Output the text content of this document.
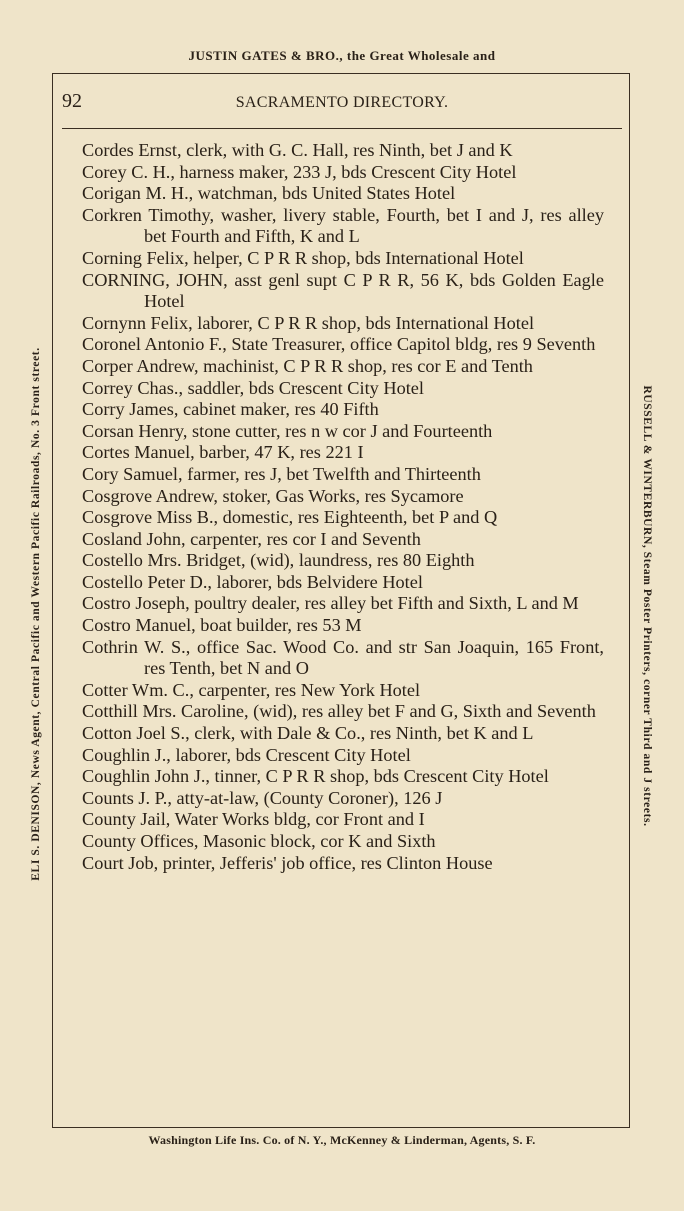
JUSTIN GATES & BRO., the Great Wholesale and
ELI S. DENISON, News Agent, Central Pacific and Western Pacific Railroads, No. 3 Front street.	RUSSELL & WINTERBURN, Steam Poster Printers, corner Third and J streets.
92	SACRAMENTO DIRECTORY.
Cordes Ernst, clerk, with G. C. Hall, res Ninth, bet J and K
Corey C. H., harness maker, 233 J, bds Crescent City Hotel
Corigan M. H., watchman, bds United States Hotel
Corkren Timothy, washer, livery stable, Fourth, bet I and J, res alley bet Fourth and Fifth, K and L
Corning Felix, helper, C P R R shop, bds International Hotel
CORNING, JOHN, asst genl supt C P R R, 56 K, bds Golden Eagle Hotel
Cornynn Felix, laborer, C P R R shop, bds International Hotel
Coronel Antonio F., State Treasurer, office Capitol bldg, res 9 Seventh
Corper Andrew, machinist, C P R R shop, res cor E and Tenth
Correy Chas., saddler, bds Crescent City Hotel
Corry James, cabinet maker, res 40 Fifth
Corsan Henry, stone cutter, res n w cor J and Fourteenth
Cortes Manuel, barber, 47 K, res 221 I
Cory Samuel, farmer, res J, bet Twelfth and Thirteenth
Cosgrove Andrew, stoker, Gas Works, res Sycamore
Cosgrove Miss B., domestic, res Eighteenth, bet P and Q
Cosland John, carpenter, res cor I and Seventh
Costello Mrs. Bridget, (wid), laundress, res 80 Eighth
Costello Peter D., laborer, bds Belvidere Hotel
Costro Joseph, poultry dealer, res alley bet Fifth and Sixth, L and M
Costro Manuel, boat builder, res 53 M
Cothrin W. S., office Sac. Wood Co. and str San Joaquin, 165 Front, res Tenth, bet N and O
Cotter Wm. C., carpenter, res New York Hotel
Cotthill Mrs. Caroline, (wid), res alley bet F and G, Sixth and Seventh
Cotton Joel S., clerk, with Dale & Co., res Ninth, bet K and L
Coughlin J., laborer, bds Crescent City Hotel
Coughlin John J., tinner, C P R R shop, bds Crescent City Hotel
Counts J. P., atty-at-law, (County Coroner), 126 J
County Jail, Water Works bldg, cor Front and I
County Offices, Masonic block, cor K and Sixth
Court Job, printer, Jefferis' job office, res Clinton House
Washington Life Ins. Co. of N. Y., McKenney & Linderman, Agents, S. F.
